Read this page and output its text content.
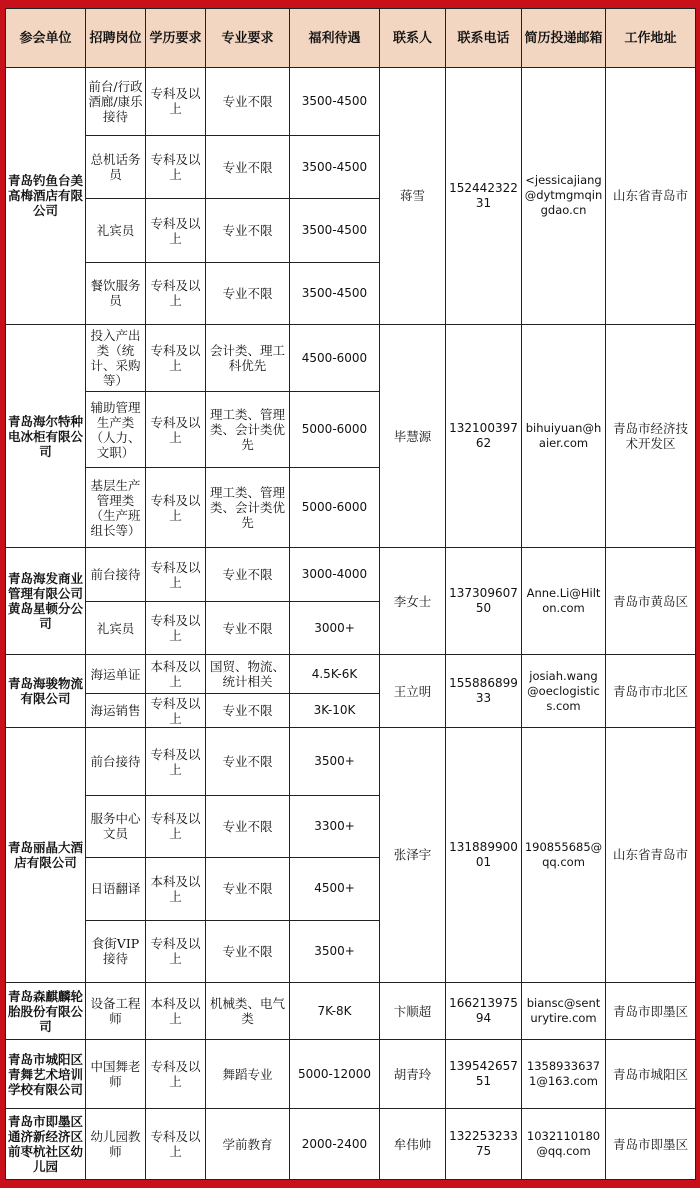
参会单位	招聘岗位	学历要求	专业要求	福利待遇	联系人	联系电话	简历投递邮箱	工作地址
青岛钓鱼台美高梅酒店有限公司	前台/行政酒廊/康乐接待	专科及以上	专业不限	3500-4500	蒋雪	15244232231	<jessicajiang@dytmgmqingdao.cn	山东省青岛市
	总机话务员	专科及以上	专业不限	3500-4500				
	礼宾员	专科及以上	专业不限	3500-4500				
	餐饮服务员	专科及以上	专业不限	3500-4500				
青岛海尔特种电冰柜有限公司	投入产出类（统计、采购等）	专科及以上	会计类、理工科优先	4500-6000	毕慧源	13210039762	bihuiyuan@haier.com	青岛市经济技术开发区
	辅助管理生产类（人力、文职）	专科及以上	理工类、管理类、会计类优先	5000-6000				
	基层生产管理类（生产班组长等）	专科及以上	理工类、管理类、会计类优先	5000-6000				
青岛海发商业管理有限公司黄岛星顿分公司	前台接待	专科及以上	专业不限	3000-4000	李女士	13730960750	Anne.Li@Hilton.com	青岛市黄岛区
	礼宾员	专科及以上	专业不限	3000+				
青岛海骏物流有限公司	海运单证	本科及以上	国贸、物流、统计相关	4.5K-6K	王立明	15588689933	josiah.wang@oeclogistics.com	青岛市市北区
	海运销售	专科及以上	专业不限	3K-10K				
青岛丽晶大酒店有限公司	前台接待	专科及以上	专业不限	3500+	张泽宇	13188990001	190855685@qq.com	山东省青岛市
	服务中心文员	专科及以上	专业不限	3300+				
	日语翻译	本科及以上	专业不限	4500+				
	食街VIP接待	专科及以上	专业不限	3500+				
青岛森麒麟轮胎股份有限公司	设备工程师	本科及以上	机械类、电气类	7K-8K	卞顺超	16621397594	biansc@senturytire.com	青岛市即墨区
青岛市城阳区青舞艺术培训学校有限公司	中国舞老师	专科及以上	舞蹈专业	5000-12000	胡青玲	13954265751	13589336371@163.com	青岛市城阳区
青岛市即墨区通济新经济区前枣杭社区幼儿园	幼儿园教师	专科及以上	学前教育	2000-2400	牟伟帅	13225323375	1032110180@qq.com	青岛市即墨区
